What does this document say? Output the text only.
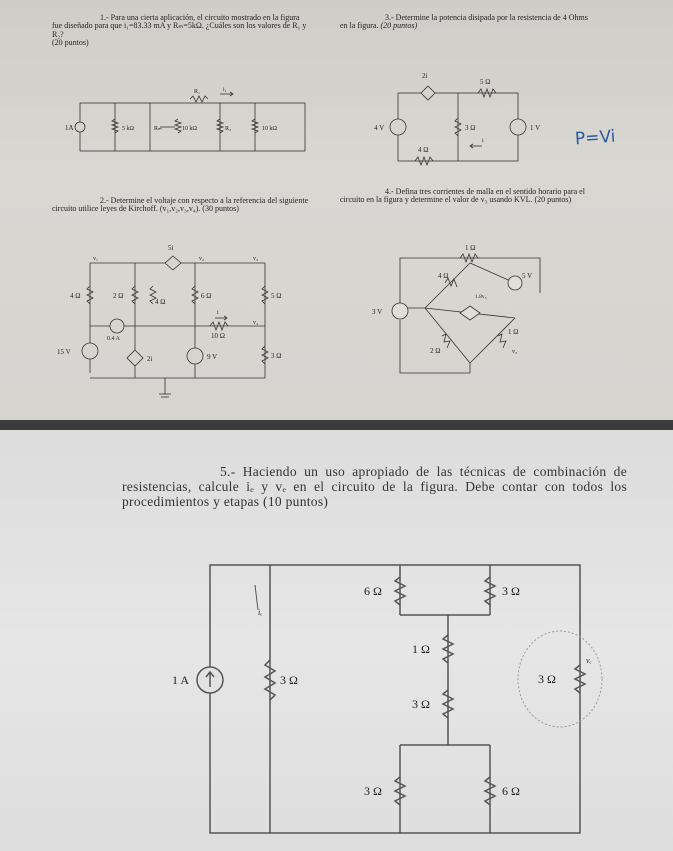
1.- Para una cierta aplicación, el circuito mostrado en la figura fue diseñado para que i₁=83.33 mA y Rₘ=5kΩ. ¿Cuáles son los valores de R₁ y R₂?

(20 puntos)

3.- Determine la potencia disipada por la resistencia de 4 Ohms en la figura. (20 puntos)

2.- Determine el voltaje con respecto a la referencia del siguiente circuito utilice leyes de Kirchoff. (v₁,v₂,v₃,v₄). (30 puntos)

4.- Defina tres corrientes de malla en el sentido horario para el circuito en la figura y determine el valor de v₃ usando KVL. (20 puntos)

1A	5 kΩ	Rₘ	10 kΩ	R₂	10 kΩ
R₁	i₁
2i
4 V
5 Ω
3 Ω
4 Ω
1 V
i	P=Vi
5i
v₁	v₂	v₃
v₄
4 Ω	2 Ω
4 Ω
6 Ω	5 Ω
10 Ω
3 Ω
0.4 A
15 V
2i	9 V
i
1 Ω
4 Ω	5 V
1.8v₃
3 V
1 Ω
2 Ω	v₃

5.- Haciendo un uso apropiado de las técnicas de combinación de resistencias, calcule iₑ y vₑ en el circuito de la figura. Debe contar con todos los procedimientos y etapas (10 puntos)

1 A	3 Ω
6 Ω	3 Ω
1 Ω
3 Ω
3 Ω	6 Ω
3 Ω
iₑ
vₑ
